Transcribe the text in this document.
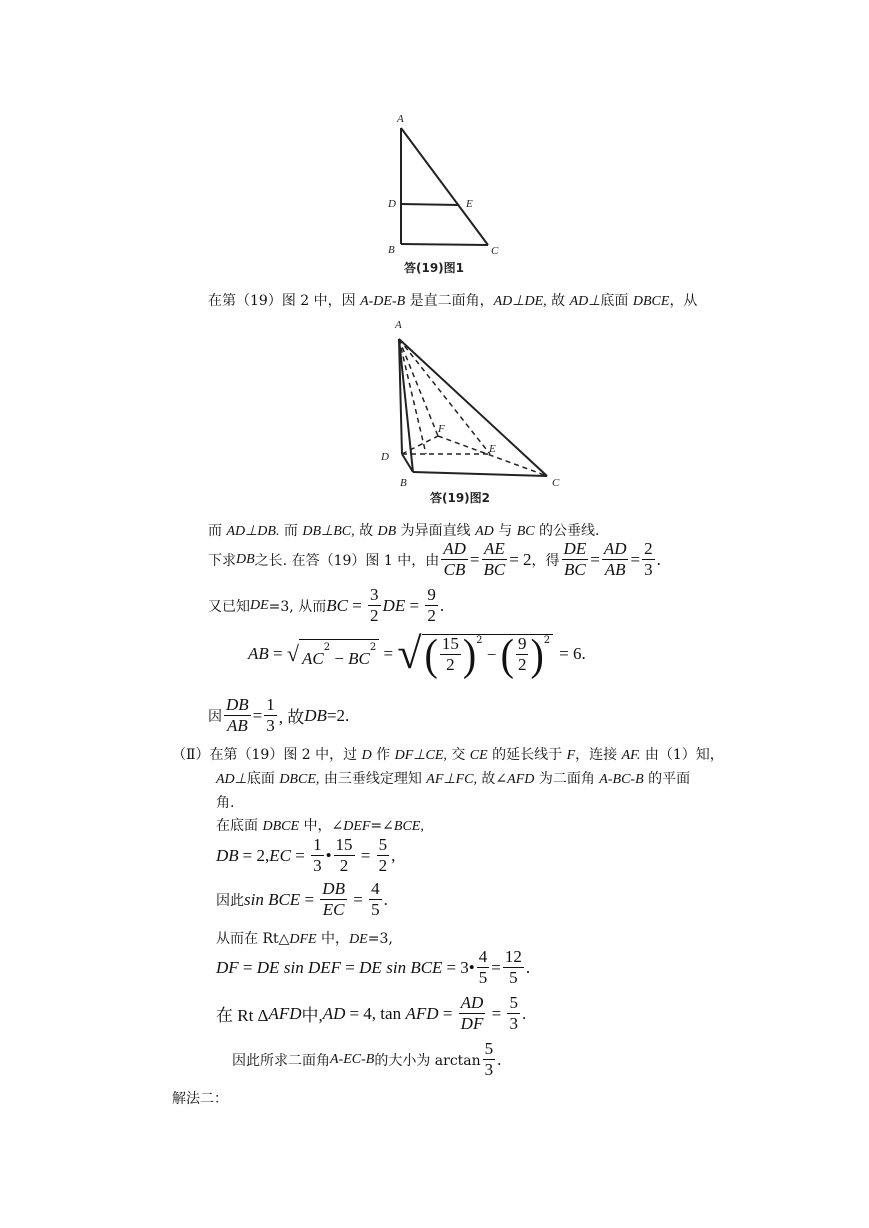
A
D	E
B	C
答(19)图1
在第（19）图 2 中，因 A-DE-B 是直二面角，AD⊥DE, 故 AD⊥底面 DBCE，从
A
F
E
D
B	C
答(19)图2
而 AD⊥DB. 而 DB⊥BC, 故 DB 为异面直线 AD 与 BC 的公垂线.
下求 DB 之长. 在答（19）图 1 中，由 $\frac{AD}{CB} = \frac{AE}{BC} = 2$ ，得 $\frac{DE}{BC} = \frac{AD}{AB} = \frac{2}{3}$ .
又已知 DE =3, 从而 BC = $\frac{3}{2}$ DE = $\frac{9}{2}$ .
AB = √ $AC^2 - BC^2$ = √ ( $\frac{15}{2}$ ) 2
− ( $\frac{9}{2}$ ) 2
= 6.
因 $\frac{DB}{AB} = \frac{1}{3}$ , 故 DB =2.
（Ⅱ）在第（19）图 2 中，过 D 作 DF⊥CE, 交 CE 的延长线于 F，连接 AF. 由（1）知，
AD⊥底面 DBCE, 由三垂线定理知 AF⊥FC, 故∠AFD 为二面角 A-BC-B 的平面
角.
在底面 DBCE 中，∠DEF=∠BCE,
DB = 2, EC = $\frac{1}{3}$ • $\frac{15}{2} = \frac{5}{2}$ ,
因此 sin BCE = $\frac{DB}{EC} = \frac{4}{5}$ .
从而在 Rt△DFE 中，DE=3,
DF = DE
sin DEF = DE
sin BCE = 3 • $\frac{4}{5} = \frac{12}{5}$ .
在 Rt Δ AFD 中, AD = 4, tan
AFD = $\frac{AD}{DF} = \frac{5}{3}$ .
因此所求二面角 A-EC-B 的大小为 $\arctan \frac{5}{3}$ .
解法二：
